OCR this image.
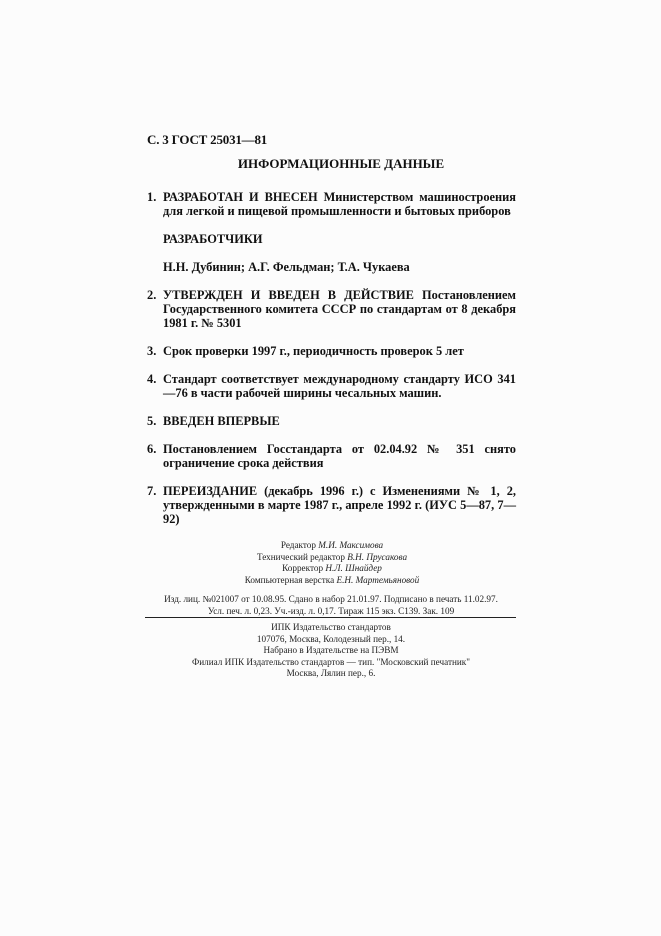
С. 3 ГОСТ 25031—81
ИНФОРМАЦИОННЫЕ ДАННЫЕ
1. РАЗРАБОТАН И ВНЕСЕН Министерством машиностроения для легкой и пищевой промышленности и бытовых приборов
РАЗРАБОТЧИКИ
Н.Н. Дубинин; А.Г. Фельдман; Т.А. Чукаева
2. УТВЕРЖДЕН И ВВЕДЕН В ДЕЙСТВИЕ Постановлением Государственного комитета СССР по стандартам от 8 декабря 1981 г. № 5301
3. Срок проверки 1997 г., периодичность проверок 5 лет
4. Стандарт соответствует международному стандарту ИСО 341—76 в части рабочей ширины чесальных машин.
5. ВВЕДЕН ВПЕРВЫЕ
6. Постановлением Госстандарта от 02.04.92 № 351 снято ограничение срока действия
7. ПЕРЕИЗДАНИЕ (декабрь 1996 г.) с Изменениями № 1, 2, утвержденными в марте 1987 г., апреле 1992 г. (ИУС 5—87, 7—92)
Редактор М.И. Максимова
Технический редактор В.Н. Прусакова
Корректор Н.Л. Шнайдер
Компьютерная верстка Е.Н. Мартемьяновой
Изд. лиц. №021007 от 10.08.95. Сдано в набор 21.01.97. Подписано в печать 11.02.97.
Усл. печ. л. 0,23. Уч.-изд. л. 0,17. Тираж 115 экз. С139. Зак. 109
ИПК Издательство стандартов
107076, Москва, Колодезный пер., 14.
Набрано в Издательстве на ПЭВМ
Филиал ИПК Издательство стандартов — тип. "Московский печатник"
Москва, Лялин пер., 6.
